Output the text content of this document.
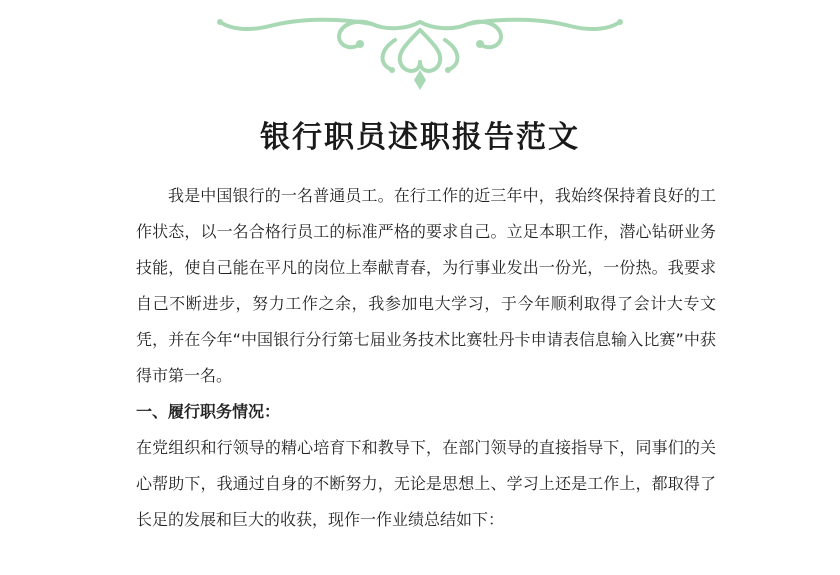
银行职员述职报告范文

我是中国银行的一名普通员工。在行工作的近三年中，我始终保持着良好的工作状态，以一名合格行员工的标准严格的要求自己。立足本职工作，潜心钻研业务技能，使自己能在平凡的岗位上奉献青春，为行事业发出一份光，一份热。我要求自己不断进步，努力工作之余，我参加电大学习，于今年顺利取得了会计大专文凭，并在今年“中国银行分行第七届业务技术比赛牡丹卡申请表信息输入比赛”中获得市第一名。

一、履行职务情况：

在党组织和行领导的精心培育下和教导下，在部门领导的直接指导下，同事们的关心帮助下，我通过自身的不断努力，无论是思想上、学习上还是工作上，都取得了长足的发展和巨大的收获，现作一作业绩总结如下：
